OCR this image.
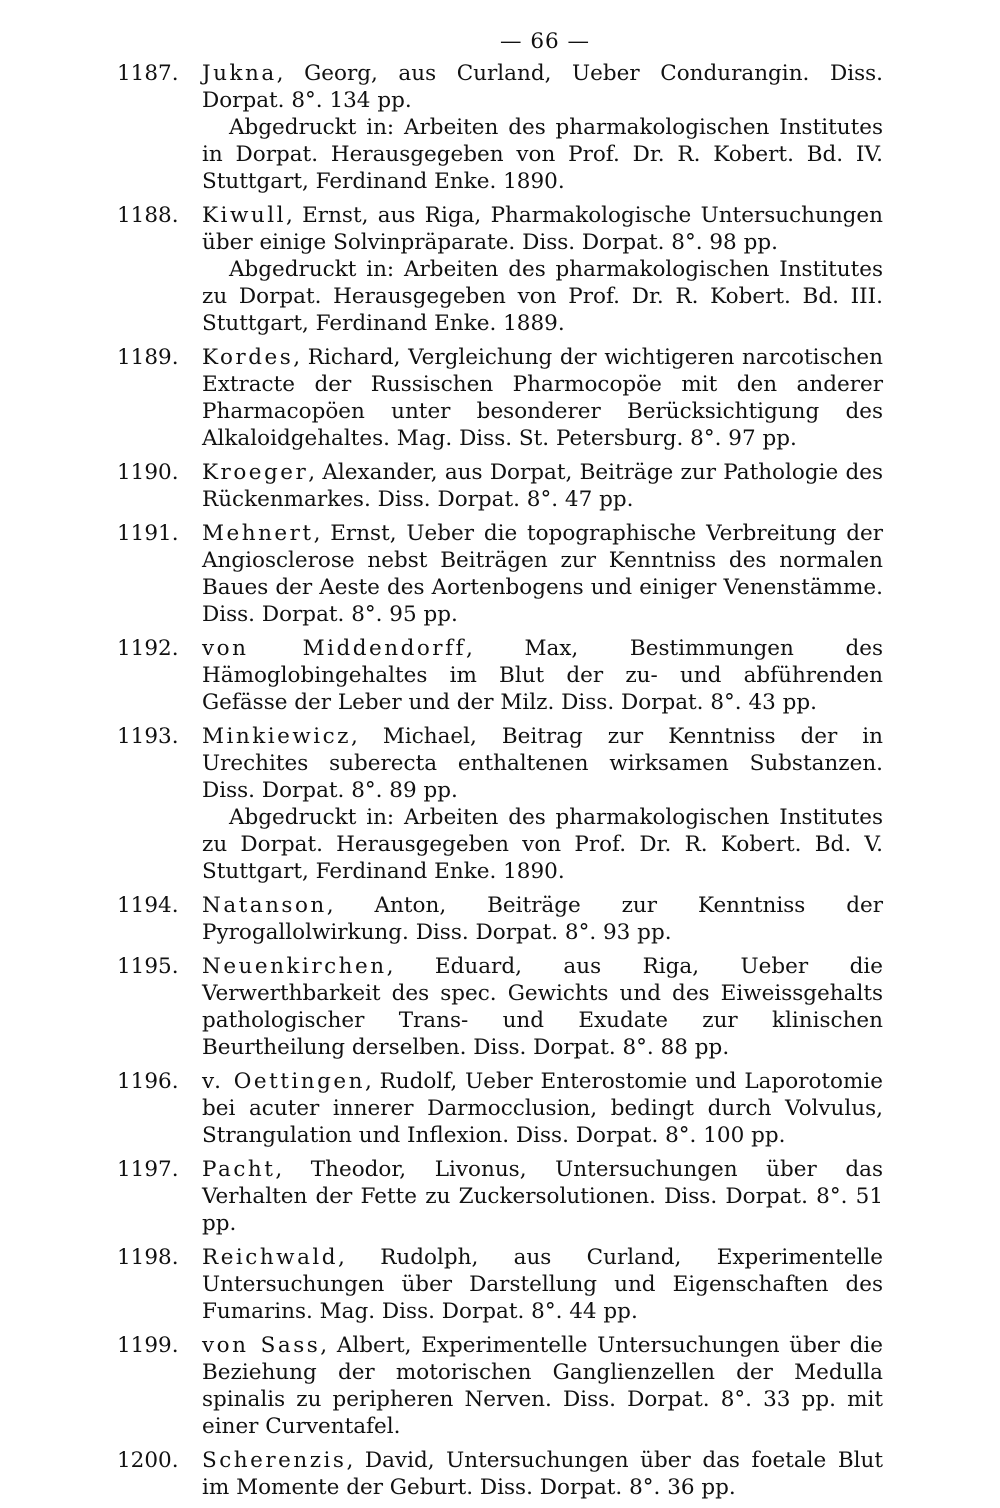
— 66 —
1187. Jukna, Georg, aus Curland, Ueber Condurangin. Diss. Dorpat. 8°. 134 pp.
Abgedruckt in: Arbeiten des pharmakologischen Institutes in Dorpat. Herausgegeben von Prof. Dr. R. Kobert. Bd. IV. Stuttgart, Ferdinand Enke. 1890.
1188. Kiwull, Ernst, aus Riga, Pharmakologische Untersuchungen über einige Solvinpräparate. Diss. Dorpat. 8°. 98 pp.
Abgedruckt in: Arbeiten des pharmakologischen Institutes zu Dorpat. Herausgegeben von Prof. Dr. R. Kobert. Bd. III. Stuttgart, Ferdinand Enke. 1889.
1189. Kordes, Richard, Vergleichung der wichtigeren narcotischen Extracte der Russischen Pharmocopöe mit den anderer Pharmacopöen unter besonderer Berücksichtigung des Alkaloidgehaltes. Mag. Diss. St. Petersburg. 8°. 97 pp.
1190. Kroeger, Alexander, aus Dorpat, Beiträge zur Pathologie des Rückenmarkes. Diss. Dorpat. 8°. 47 pp.
1191. Mehnert, Ernst, Ueber die topographische Verbreitung der Angiosclerose nebst Beiträgen zur Kenntniss des normalen Baues der Aeste des Aortenbogens und einiger Venenstämme. Diss. Dorpat. 8°. 95 pp.
1192. von Middendorff, Max, Bestimmungen des Hämoglobingehaltes im Blut der zu- und abführenden Gefässe der Leber und der Milz. Diss. Dorpat. 8°. 43 pp.
1193. Minkiewicz, Michael, Beitrag zur Kenntniss der in Urechites suberecta enthaltenen wirksamen Substanzen. Diss. Dorpat. 8°. 89 pp.
Abgedruckt in: Arbeiten des pharmakologischen Institutes zu Dorpat. Herausgegeben von Prof. Dr. R. Kobert. Bd. V. Stuttgart, Ferdinand Enke. 1890.
1194. Natanson, Anton, Beiträge zur Kenntniss der Pyrogallolwirkung. Diss. Dorpat. 8°. 93 pp.
1195. Neuenkirchen, Eduard, aus Riga, Ueber die Verwerthbarkeit des spec. Gewichts und des Eiweissgehalts pathologischer Trans- und Exudate zur klinischen Beurtheilung derselben. Diss. Dorpat. 8°. 88 pp.
1196. v. Oettingen, Rudolf, Ueber Enterostomie und Laporotomie bei acuter innerer Darmocclusion, bedingt durch Volvulus, Strangulation und Inflexion. Diss. Dorpat. 8°. 100 pp.
1197. Pacht, Theodor, Livonus, Untersuchungen über das Verhalten der Fette zu Zuckersolutionen. Diss. Dorpat. 8°. 51 pp.
1198. Reichwald, Rudolph, aus Curland, Experimentelle Untersuchungen über Darstellung und Eigenschaften des Fumarins. Mag. Diss. Dorpat. 8°. 44 pp.
1199. von Sass, Albert, Experimentelle Untersuchungen über die Beziehung der motorischen Ganglienzellen der Medulla spinalis zu peripheren Nerven. Diss. Dorpat. 8°. 33 pp. mit einer Curventafel.
1200. Scherenzis, David, Untersuchungen über das foetale Blut im Momente der Geburt. Diss. Dorpat. 8°. 36 pp.
